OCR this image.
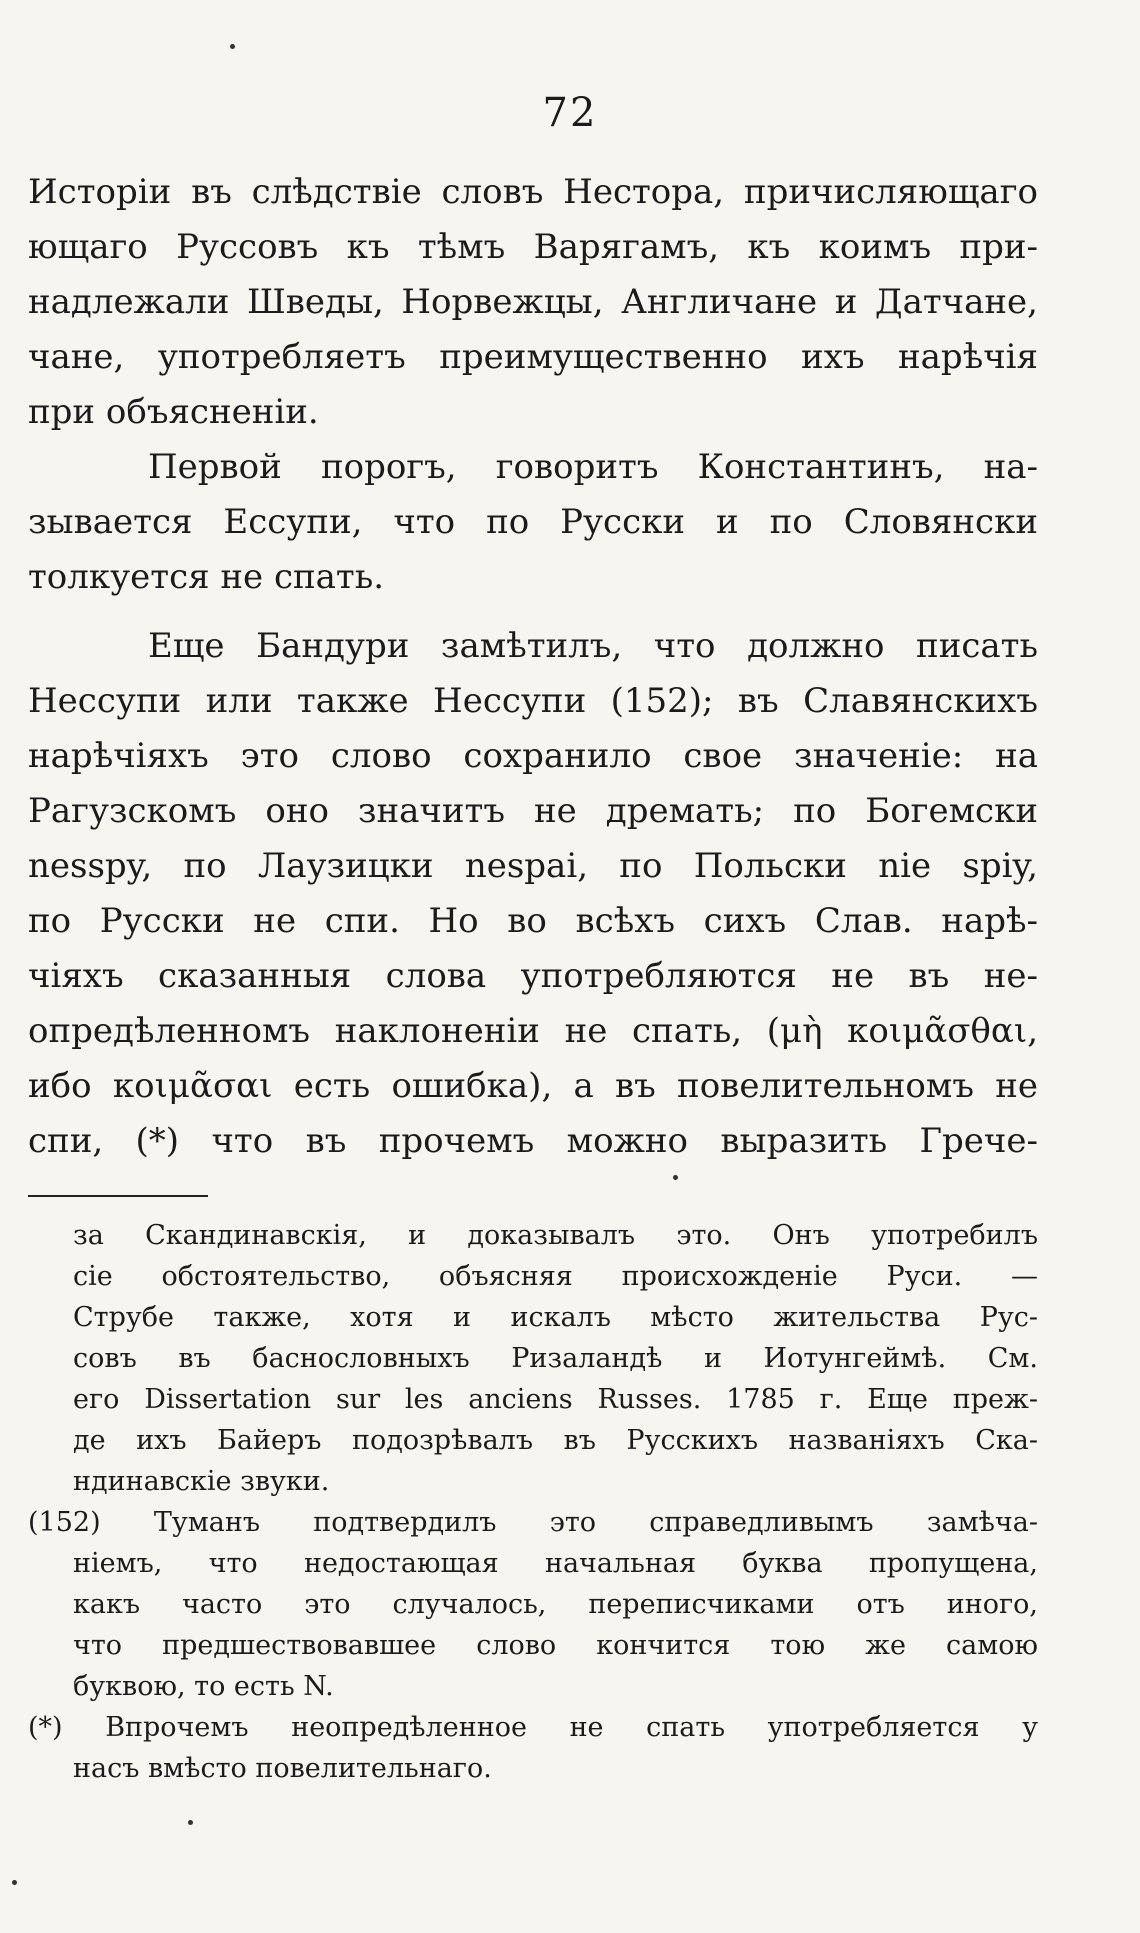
72
Исторіи въ слѣдствіе словъ Нестора, причисляющаго
ющаго Руссовъ къ тѣмъ Варягамъ, къ коимъ при-
надлежали Шведы, Норвежцы, Англичане и Датчане,
чане, употребляетъ преимущественно ихъ нарѣчія
при объясненіи.
Первой порогъ, говоритъ Константинъ, на-
зывается Ессупи, что по Русски и по Словянски
толкуется не спать.
Еще Бандури замѣтилъ, что должно писать
Нессупи или также Нессупи (152); въ Славянскихъ
нарѣчіяхъ это слово сохранило свое значеніе: на
Рагузскомъ оно значитъ не дремать; по Богемски
nesspy, по Лаузицки nespai, по Польски nie spiy,
по Русски не спи. Но во всѣхъ сихъ Слав. нарѣ-
чіяхъ сказанныя слова употребляются не въ не-
опредѣленномъ наклоненіи не спать, (μὴ κοιμᾶσθαι,
ибо κοιμᾶσαι есть ошибка), а въ повелительномъ не
спи, (*) что въ прочемъ можно выразить Грече-
за Скандинавскія, и доказывалъ это. Онъ употребилъ
сіе обстоятельство, объясняя происхожденіе Руси. —
Струбе также, хотя и искалъ мѣсто жительства Рус-
совъ въ баснословныхъ Ризаландѣ и Иотунгеймѣ. См.
его Dissertation sur les anciens Russes. 1785 г. Еще преж-
де ихъ Байеръ подозрѣвалъ въ Русскихъ названіяхъ Ска-
ндинавскіе звуки.
(152) Туманъ подтвердилъ это справедливымъ замѣча-
ніемъ, что недостающая начальная буква пропущена,
какъ часто это случалось, переписчиками отъ иного,
что предшествовавшее слово кончится тою же самою
буквою, то есть N.
(*) Впрочемъ неопредѣленное не спать употребляется у
насъ вмѣсто повелительнаго.
